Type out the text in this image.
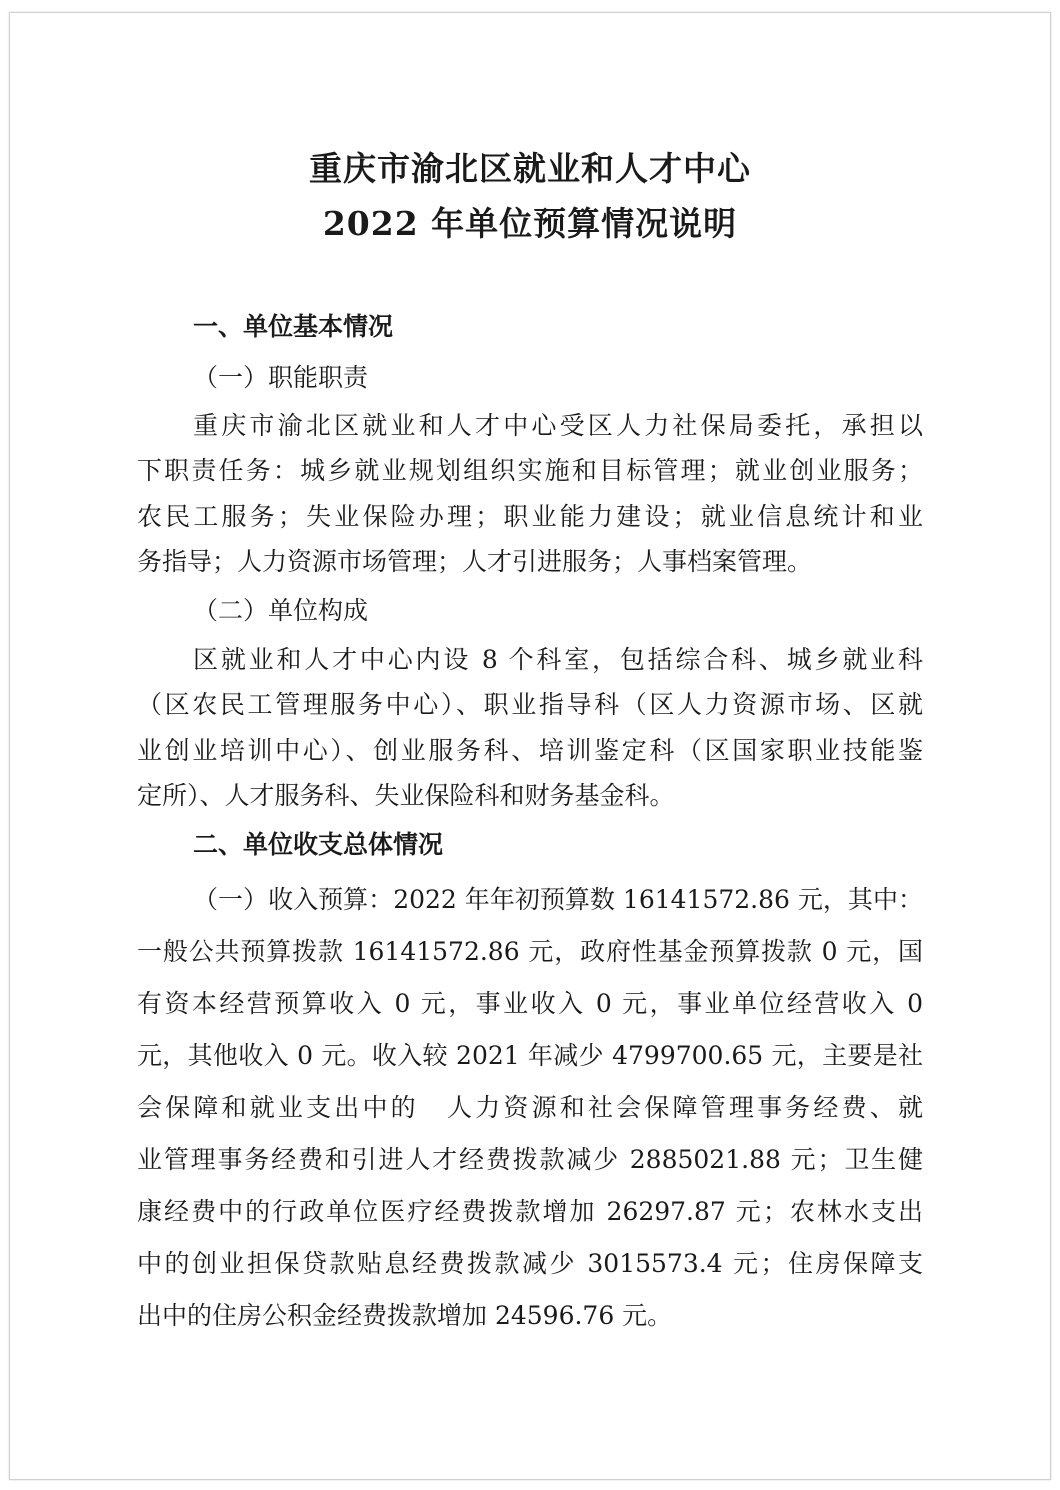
重庆市渝北区就业和人才中心
2022 年单位预算情况说明
一、单位基本情况
（一）职能职责
重庆市渝北区就业和人才中心受区人力社保局委托，承担以
下职责任务：城乡就业规划组织实施和目标管理；就业创业服务；
农民工服务；失业保险办理；职业能力建设；就业信息统计和业
务指导；人力资源市场管理；人才引进服务；人事档案管理。
（二）单位构成
区就业和人才中心内设 8 个科室，包括综合科、城乡就业科
（区农民工管理服务中心）、职业指导科（区人力资源市场、区就
业创业培训中心）、创业服务科、培训鉴定科（区国家职业技能鉴
定所）、人才服务科、失业保险科和财务基金科。
二、单位收支总体情况
（一）收入预算：2022 年年初预算数 16141572.86 元，其中：
一般公共预算拨款 16141572.86 元，政府性基金预算拨款 0 元，国
有资本经营预算收入 0 元，事业收入 0 元，事业单位经营收入 0
元，其他收入 0 元。收入较 2021 年减少 4799700.65 元，主要是社
会保障和就业支出中的　人力资源和社会保障管理事务经费、就
业管理事务经费和引进人才经费拨款减少 2885021.88 元；卫生健
康经费中的行政单位医疗经费拨款增加 26297.87 元；农林水支出
中的创业担保贷款贴息经费拨款减少 3015573.4 元；住房保障支
出中的住房公积金经费拨款增加 24596.76 元。
